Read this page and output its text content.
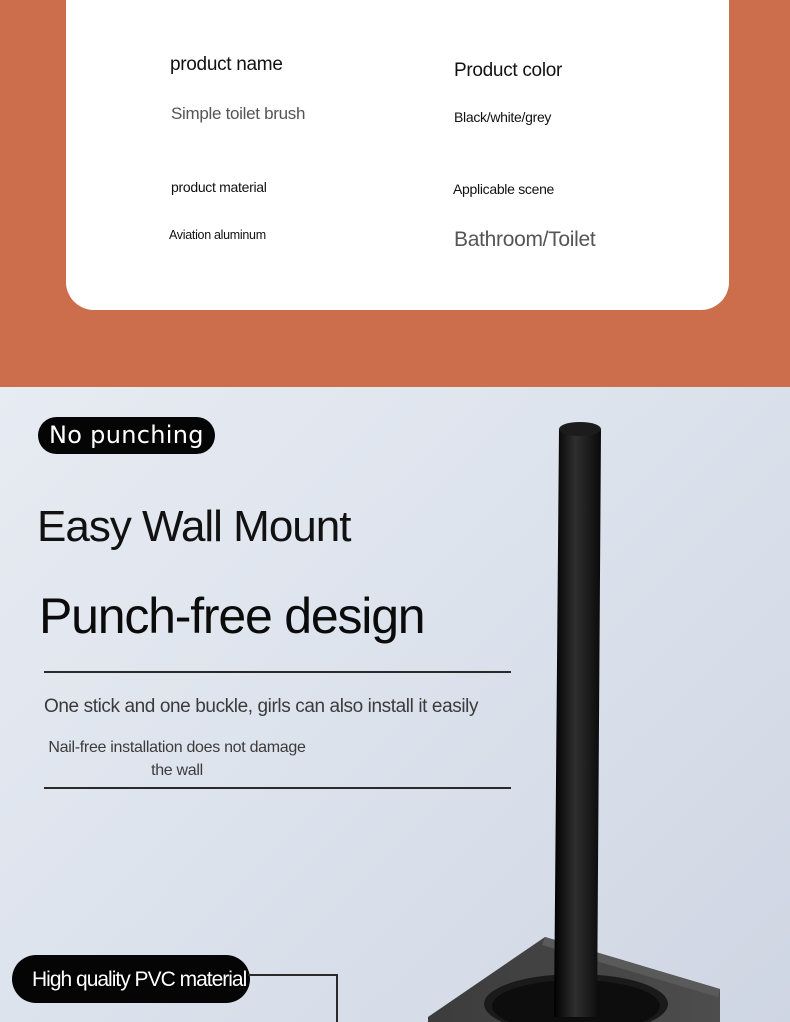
product name
Simple toilet brush
Product color
Black/white/grey
product material
Aviation aluminum
Applicable scene
Bathroom/Toilet
No punching
Easy Wall Mount
Punch-free design
One stick and one buckle, girls can also install it easily
Nail-free installation does not damage the wall
High quality PVC material
